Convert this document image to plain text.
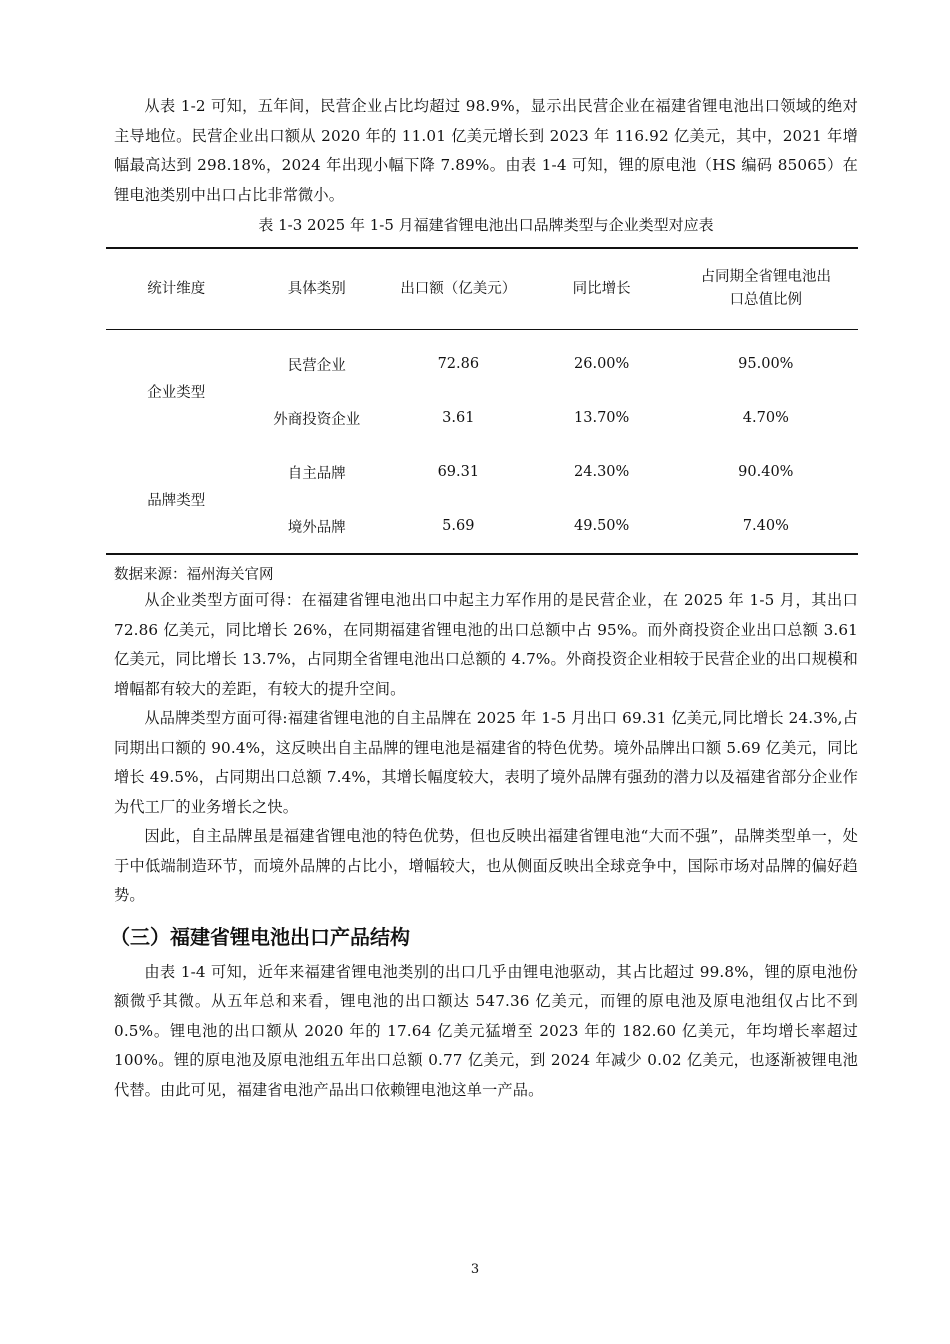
从表 1-2 可知，五年间，民营企业占比均超过 98.9%，显示出民营企业在福建省锂电池出口领域的绝对主导地位。民营企业出口额从 2020 年的 11.01 亿美元增长到 2023 年 116.92 亿美元，其中，2021 年增幅最高达到 298.18%，2024 年出现小幅下降 7.89%。由表 1-4 可知，锂的原电池（HS 编码 85065）在锂电池类别中出口占比非常微小。

表 1-3 2025 年 1-5 月福建省锂电池出口品牌类型与企业类型对应表
统计维度	具体类别	出口额（亿美元）	同比增长	占同期全省锂电池出口总值比例
企业类型	民营企业	72.86	26.00%	95.00%
	外商投资企业	3.61	13.70%	4.70%
品牌类型	自主品牌	69.31	24.30%	90.40%
	境外品牌	5.69	49.50%	7.40%
数据来源：福州海关官网

从企业类型方面可得：在福建省锂电池出口中起主力军作用的是民营企业，在 2025 年 1-5 月，其出口 72.86 亿美元，同比增长 26%，在同期福建省锂电池的出口总额中占 95%。而外商投资企业出口总额 3.61 亿美元，同比增长 13.7%，占同期全省锂电池出口总额的 4.7%。外商投资企业相较于民营企业的出口规模和增幅都有较大的差距，有较大的提升空间。

从品牌类型方面可得:福建省锂电池的自主品牌在 2025 年 1-5 月出口 69.31 亿美元,同比增长 24.3%,占同期出口额的 90.4%，这反映出自主品牌的锂电池是福建省的特色优势。境外品牌出口额 5.69 亿美元，同比增长 49.5%，占同期出口总额 7.4%，其增长幅度较大，表明了境外品牌有强劲的潜力以及福建省部分企业作为代工厂的业务增长之快。

因此，自主品牌虽是福建省锂电池的特色优势，但也反映出福建省锂电池“大而不强”，品牌类型单一，处于中低端制造环节，而境外品牌的占比小，增幅较大，也从侧面反映出全球竞争中，国际市场对品牌的偏好趋势。

（三）福建省锂电池出口产品结构

由表 1-4 可知，近年来福建省锂电池类别的出口几乎由锂电池驱动，其占比超过 99.8%，锂的原电池份额微乎其微。从五年总和来看，锂电池的出口额达 547.36 亿美元，而锂的原电池及原电池组仅占比不到 0.5%。锂电池的出口额从 2020 年的 17.64 亿美元猛增至 2023 年的 182.60 亿美元，年均增长率超过 100%。锂的原电池及原电池组五年出口总额 0.77 亿美元，到 2024 年减少 0.02 亿美元，也逐渐被锂电池代替。由此可见，福建省电池产品出口依赖锂电池这单一产品。

3
